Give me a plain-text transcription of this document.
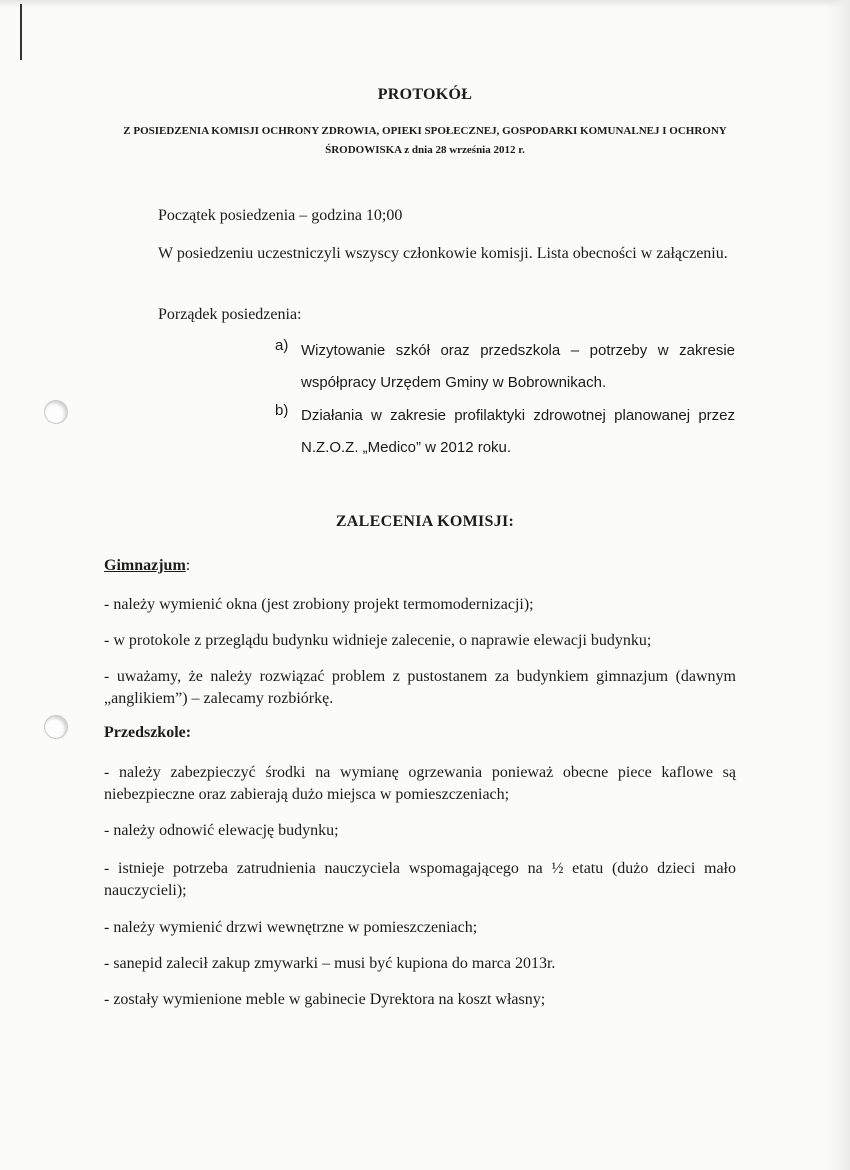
PROTOKÓŁ
Z POSIEDZENIA KOMISJI OCHRONY ZDROWIA, OPIEKI SPOŁECZNEJ, GOSPODARKI KOMUNALNEJ I OCHRONY ŚRODOWISKA z dnia 28 września 2012 r.
Początek posiedzenia – godzina 10;00
W posiedzeniu uczestniczyli wszyscy członkowie komisji. Lista obecności w załączeniu.
Porządek posiedzenia:
a) Wizytowanie szkół oraz przedszkola – potrzeby w zakresie współpracy Urzędem Gminy w Bobrownikach.
b) Działania w zakresie profilaktyki zdrowotnej planowanej przez N.Z.O.Z. „Medico” w 2012 roku.
ZALECENIA KOMISJI:
Gimnazjum:
- należy wymienić okna (jest zrobiony projekt termomodernizacji);
- w protokole z przeglądu budynku widnieje zalecenie, o naprawie elewacji budynku;
- uważamy, że należy rozwiązać problem z pustostanem za budynkiem gimnazjum (dawnym „anglikiem”) – zalecamy rozbiórkę.
Przedszkole:
- należy zabezpieczyć środki na wymianę ogrzewania ponieważ obecne piece kaflowe są niebezpieczne oraz zabierają dużo miejsca w pomieszczeniach;
- należy odnowić elewację budynku;
- istnieje potrzeba zatrudnienia nauczyciela wspomagającego na ½ etatu (dużo dzieci mało nauczycieli);
- należy wymienić drzwi wewnętrzne w pomieszczeniach;
- sanepid zalecił zakup zmywarki – musi być kupiona do marca 2013r.
- zostały wymienione meble w gabinecie Dyrektora na koszt własny;
